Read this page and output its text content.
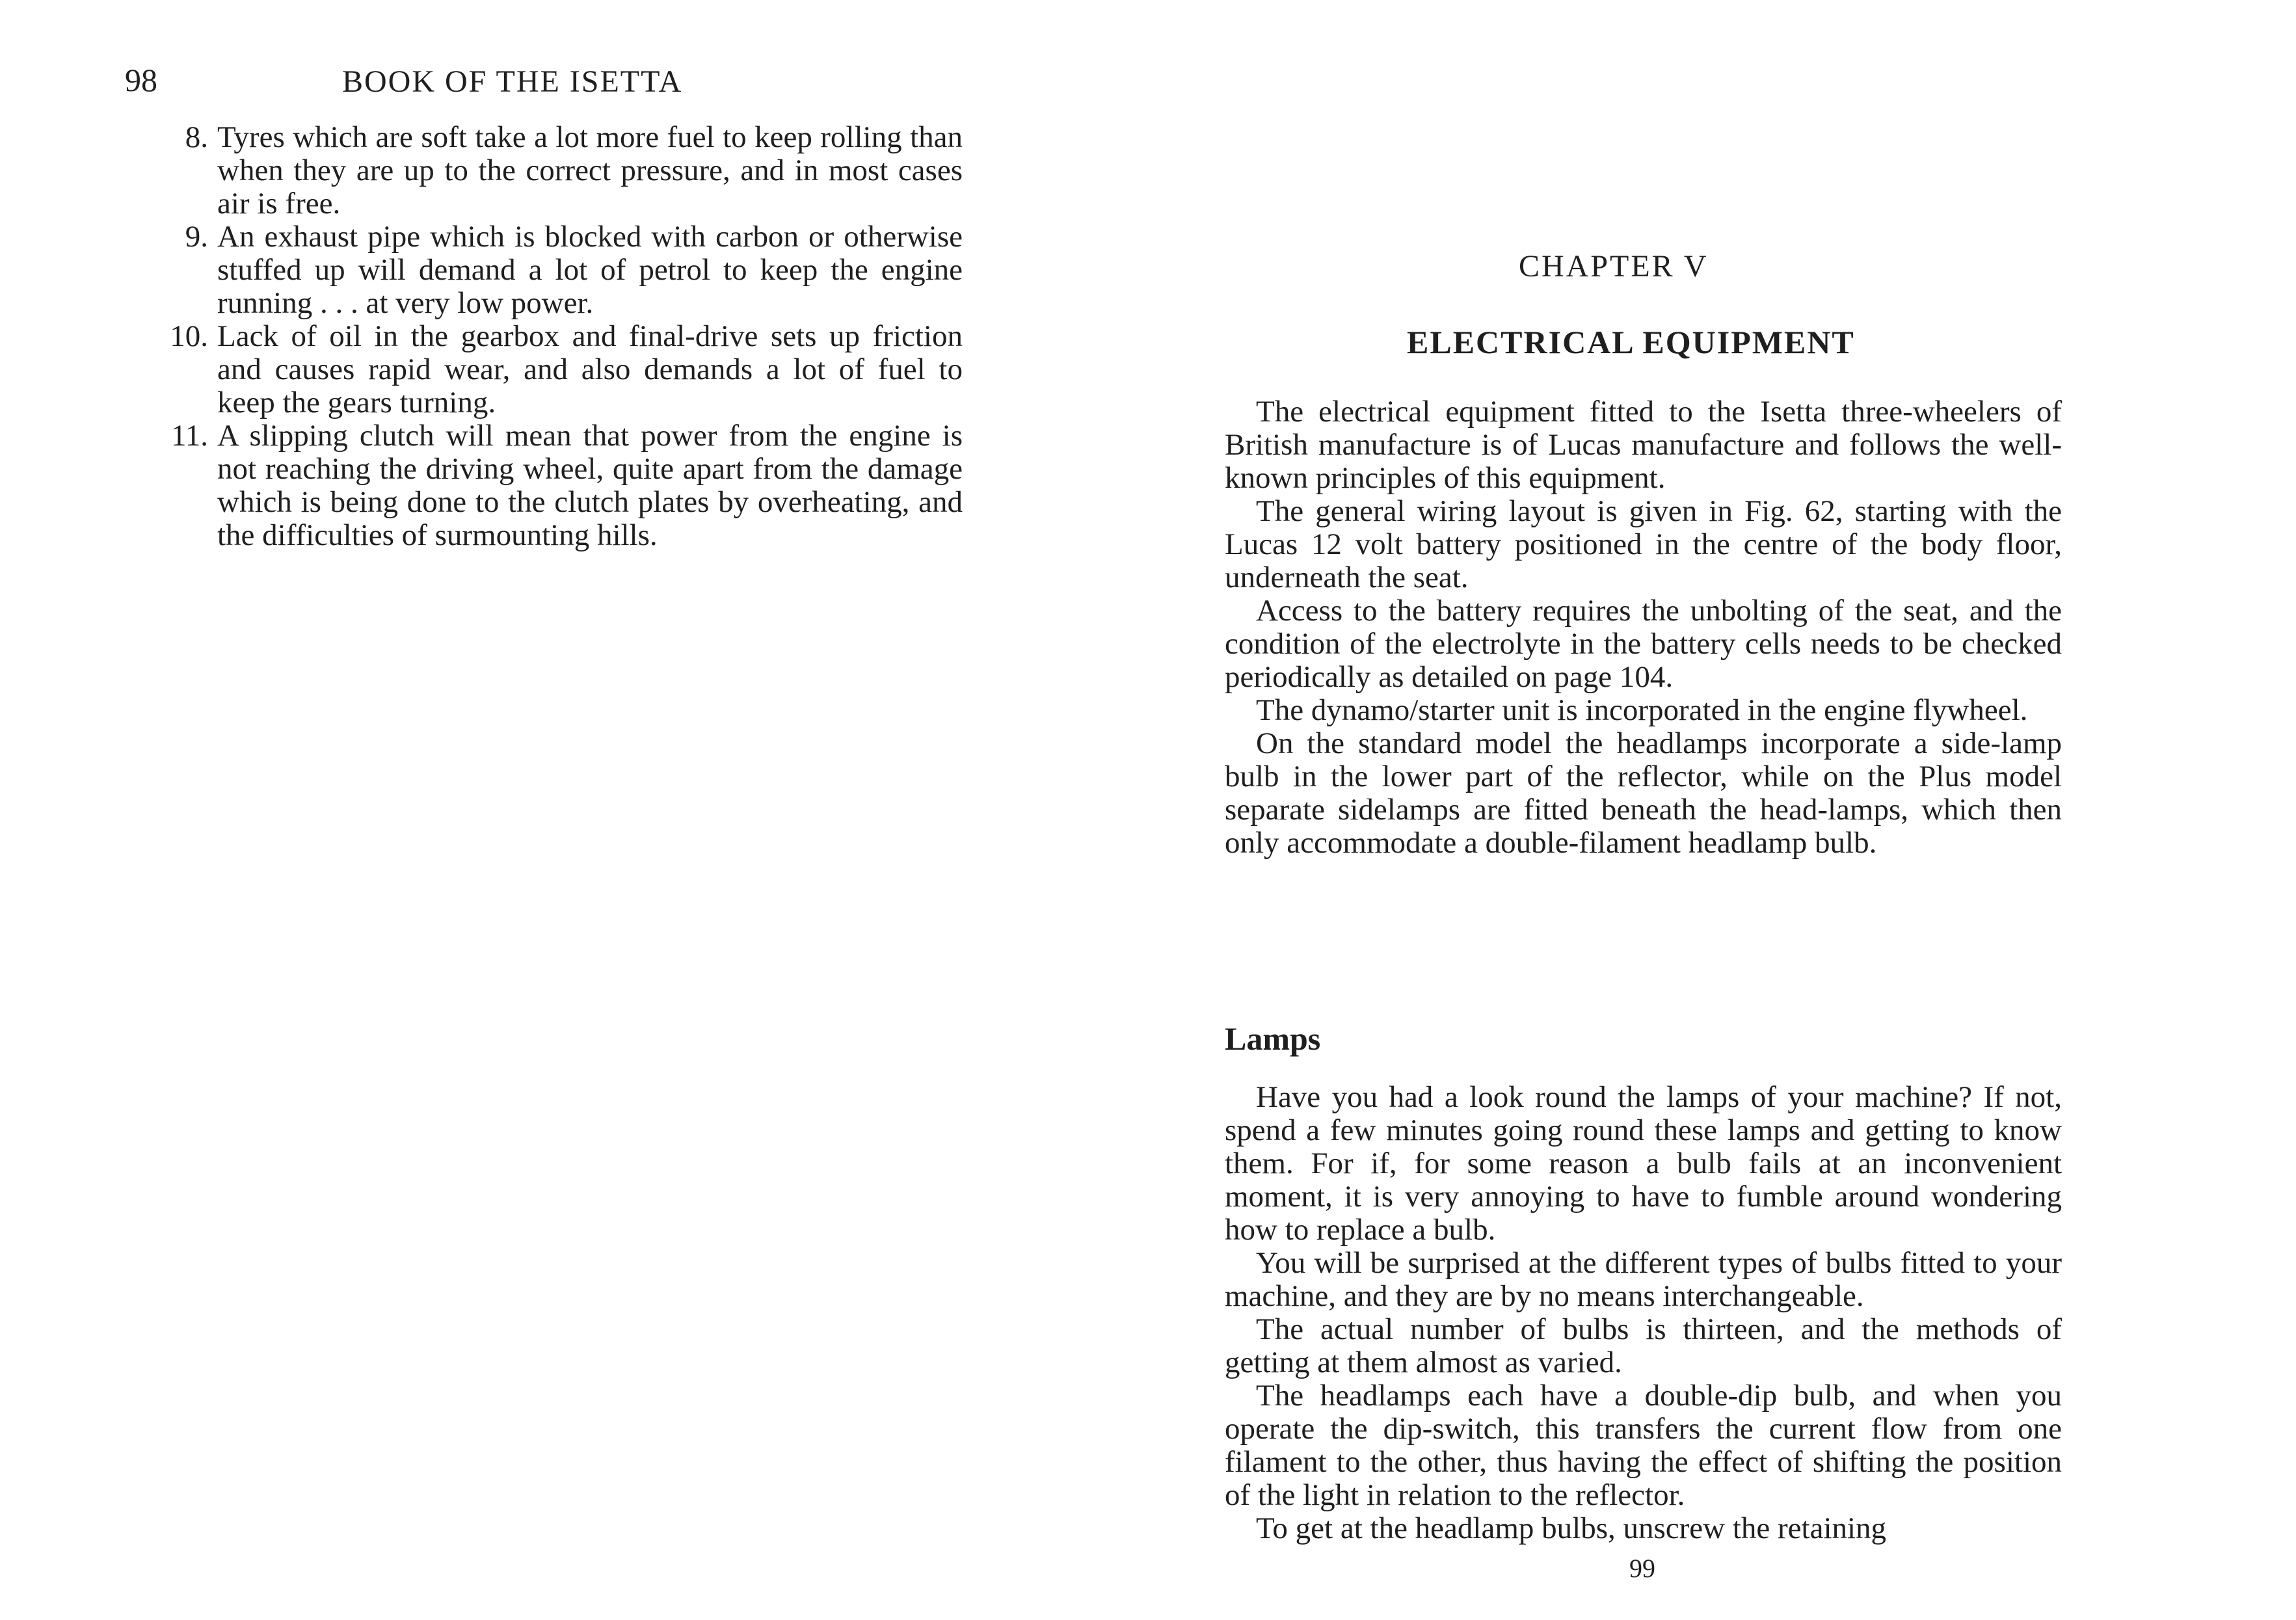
98	BOOK OF THE ISETTA
8. Tyres which are soft take a lot more fuel to keep rolling than when they are up to the correct pressure, and in most cases air is free.
9. An exhaust pipe which is blocked with carbon or otherwise stuffed up will demand a lot of petrol to keep the engine running . . . at very low power.
10. Lack of oil in the gearbox and final-drive sets up friction and causes rapid wear, and also demands a lot of fuel to keep the gears turning.
11. A slipping clutch will mean that power from the engine is not reaching the driving wheel, quite apart from the damage which is being done to the clutch plates by overheating, and the difficulties of surmounting hills.
CHAPTER V
ELECTRICAL EQUIPMENT

The electrical equipment fitted to the Isetta three-wheelers of British manufacture is of Lucas manufacture and follows the well-known principles of this equipment.

The general wiring layout is given in Fig. 62, starting with the Lucas 12 volt battery positioned in the centre of the body floor, underneath the seat.

Access to the battery requires the unbolting of the seat, and the condition of the electrolyte in the battery cells needs to be checked periodically as detailed on page 104.

The dynamo/starter unit is incorporated in the engine flywheel.

On the standard model the headlamps incorporate a side-lamp bulb in the lower part of the reflector, while on the Plus model separate sidelamps are fitted beneath the head-lamps, which then only accommodate a double-filament headlamp bulb.

Lamps

Have you had a look round the lamps of your machine? If not, spend a few minutes going round these lamps and getting to know them. For if, for some reason a bulb fails at an inconvenient moment, it is very annoying to have to fumble around wondering how to replace a bulb.

You will be surprised at the different types of bulbs fitted to your machine, and they are by no means interchangeable.

The actual number of bulbs is thirteen, and the methods of getting at them almost as varied.

The headlamps each have a double-dip bulb, and when you operate the dip-switch, this transfers the current flow from one filament to the other, thus having the effect of shifting the position of the light in relation to the reflector.

To get at the headlamp bulbs, unscrew the retaining

99
